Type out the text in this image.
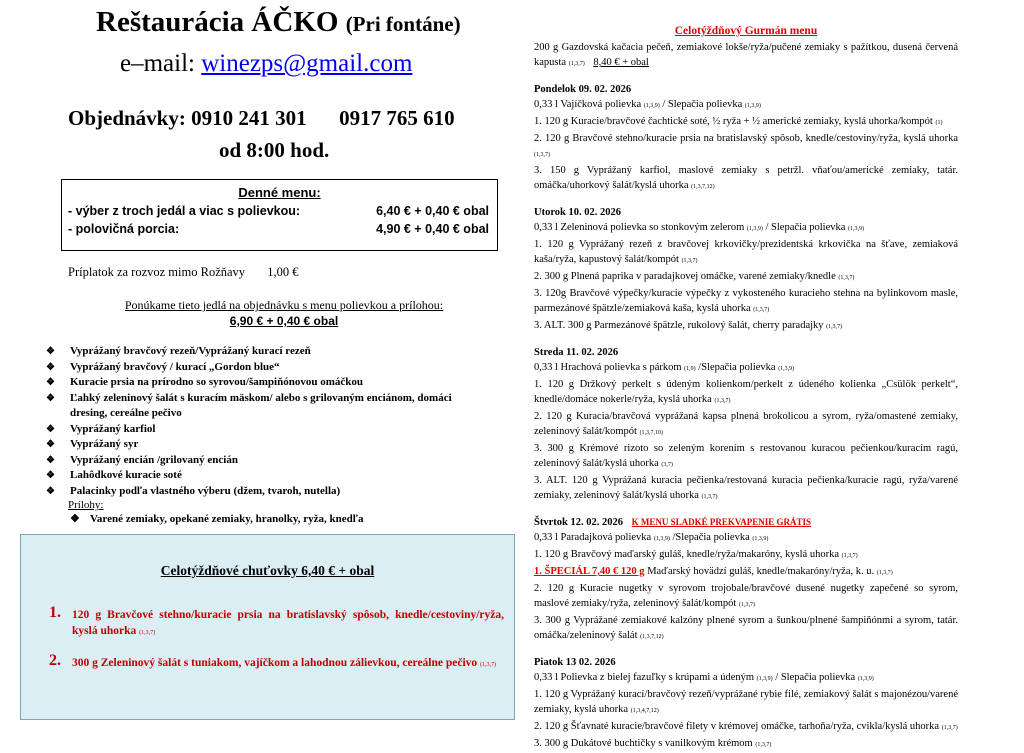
Reštaurácia ÁČKO (Pri fontáne)
e–mail: winezps@gmail.com
Objednávky: 0910 241 301 0917 765 610
od 8:00 hod.
Denné menu:
- výber z troch jedál a viac s polievkou:	6,40 € + 0,40 € obal
- polovičná porcia:	4,90 € + 0,40 € obal
Príplatok za rozvoz mimo Rožňavy 1,00 €
Ponúkame tieto jedlá na objednávku s menu polievkou a prílohou:
6,90 € + 0,40 € obal
❖ Vyprážaný bravčový rezeň/Vyprážaný kurací rezeň
❖ Vyprážaný bravčový / kurací „Gordon blue“
❖ Kuracie prsia na prírodno so syrovou/šampiňónovou omáčkou
❖ Ľahký zeleninový šalát s kuracím mäskom/ alebo s grilovaným enciánom, domáci dresing, cereálne pečivo
❖ Vyprážaný karfiol
❖ Vyprážaný syr
❖ Vyprážaný encián /grilovaný encián
❖ Lahôdkové kuracie soté
❖ Palacinky podľa vlastného výberu (džem, tvaroh, nutella)
Prílohy:
❖ Varené zemiaky, opekané zemiaky, hranolky, ryža, knedľa
Celotýždňové chuťovky 6,40 € + obal
1. 120 g Bravčové stehno/kuracie prsia na bratislavský spôsob, knedle/cestoviny/ryža, kyslá uhorka (1,3,7)
2. 300 g Zeleninový šalát s tuniakom, vajíčkom a lahodnou zálievkou, cereálne pečivo (1,3,7)
Celotýždňový Gurmán menu
200 g Gazdovská kačacia pečeň, zemiakové lokše/ryža/pučené zemiaky s pažítkou, dusená červená kapusta (1,3,7) 8,40 € + obal
Pondelok 09. 02. 2026
0,33 l Vajíčková polievka (1,3,9) / Slepačia polievka (1,3,9)
1. 120 g Kuracie/bravčové čachtické soté, ½ ryža + ½ americké zemiaky, kyslá uhorka/kompót (1)
2. 120 g Bravčové stehno/kuracie prsia na bratislavský spôsob, knedle/cestoviny/ryža, kyslá uhorka (1,3,7)
3. 150 g Vyprážaný karfiol, maslové zemiaky s petržl. vňaťou/americké zemiaky, tatár. omáčka/uhorkový šalát/kyslá uhorka (1,3,7,12)
Utorok 10. 02. 2026
0,33 l Zeleninová polievka so stonkovým zelerom (1,3,9) / Slepačia polievka (1,3,9)
1. 120 g Vyprážaný rezeň z bravčovej krkovičky/prezidentská krkovička na šťave, zemiaková kaša/ryža, kapustový šalát/kompót (1,3,7)
2. 300 g Plnená paprika v paradajkovej omáčke, varené zemiaky/knedle (1,3,7)
3. 120g Bravčové výpečky/kuracie výpečky z vykosteného kuracieho stehna na bylinkovom masle, parmezánové špätzle/zemiaková kaša, kyslá uhorka (1,3,7)
3. ALT. 300 g Parmezánové špätzle, rukolový šalát, cherry paradajky (1,3,7)
Streda 11. 02. 2026
0,33 l Hrachová polievka s párkom (1,9) /Slepačia polievka (1,3,9)
1. 120 g Držkový perkelt s údeným kolienkom/perkelt z údeného kolienka „Csülök perkelt“, knedle/domáce nokerle/ryža, kyslá uhorka (1,3,7)
2. 120 g Kuracia/bravčová vyprážaná kapsa plnená brokolicou a syrom, ryža/omastené zemiaky, zeleninový šalát/kompót (1,3,7,10)
3. 300 g Krémové rizoto so zeleným korením s restovanou kuracou pečienkou/kuracím ragú, zeleninový šalát/kyslá uhorka (3,7)
3. ALT. 120 g Vyprážaná kuracia pečienka/restovaná kuracia pečienka/kuracie ragú, ryža/varené zemiaky, zeleninový šalát/kyslá uhorka (1,3,7)
Štvrtok 12. 02. 2026 K MENU SLADKÉ PREKVAPENIE GRÁTIS
0,33 l Paradajková polievka (1,3,9) /Slepačia polievka (1,3,9)
1. 120 g Bravčový maďarský guláš, knedle/ryža/makaróny, kyslá uhorka (1,3,7)
1. ŠPECIÁL 7,40 € 120 g Maďarský hovädzí guláš, knedle/makaróny/ryža, k. u. (1,3,7)
2. 120 g Kuracie nugetky v syrovom trojobale/bravčové dusené nugetky zapečené so syrom, maslové zemiaky/ryža, zeleninový šalát/kompót (1,3,7)
3. 300 g Vyprážané zemiakové kalzóny plnené syrom a šunkou/plnené šampiňónmi a syrom, tatár. omáčka/zeleninový šalát (1,3,7,12)
Piatok 13 02. 2026
0,33 l Polievka z bielej fazuľky s krúpami a údeným (1,3,9) / Slepačia polievka (1,3,9)
1. 120 g Vyprážaný kurací/bravčový rezeň/vyprážané rybie filé, zemiakový šalát s majonézou/varené zemiaky, kyslá uhorka (1,3,4,7,12)
2. 120 g Šťavnaté kuracie/bravčové filety v krémovej omáčke, tarhoňa/ryža, cvikla/kyslá uhorka (1,3,7)
3. 300 g Dukátové buchtičky s vanilkovým krémom (1,3,7)
